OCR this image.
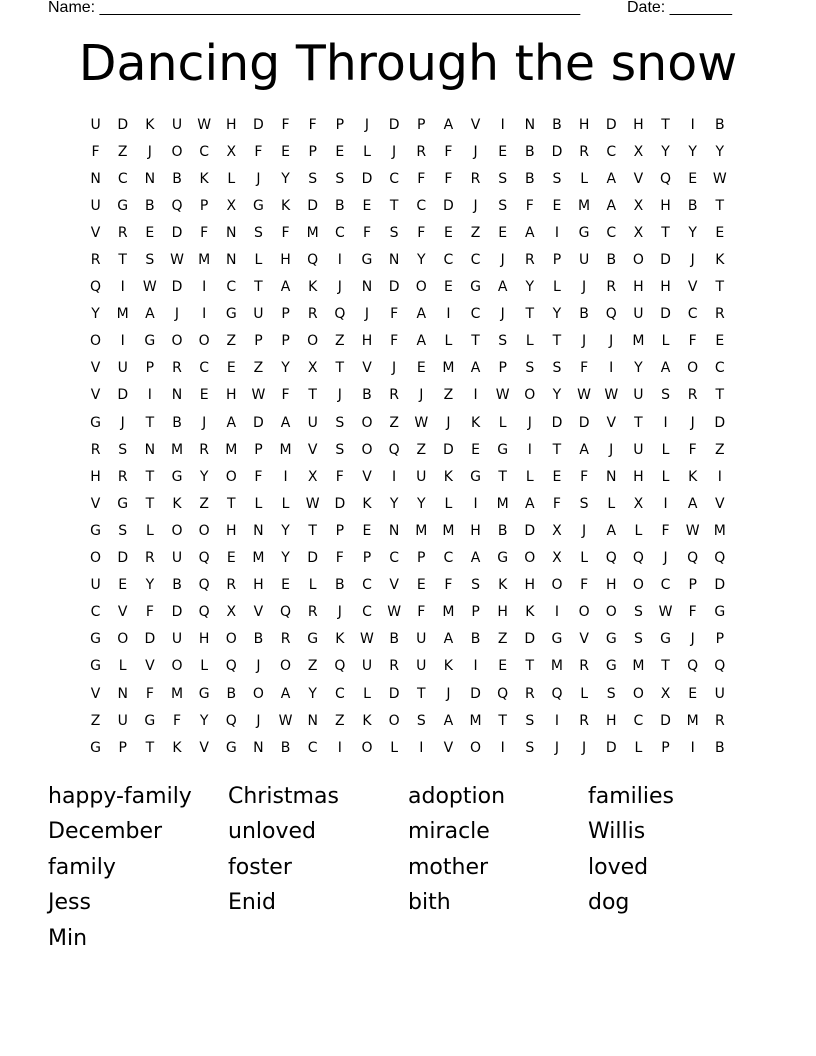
Name: ______________________________________________________	Date: _______
Dancing Through the snow
U	D	K	U	W	H	D	F	F	P	J	D	P	A	V	I	N	B	H	D	H	T	I	B
F	Z	J	O	C	X	F	E	P	E	L	J	R	F	J	E	B	D	R	C	X	Y	Y	Y
N	C	N	B	K	L	J	Y	S	S	D	C	F	F	R	S	B	S	L	A	V	Q	E	W
U	G	B	Q	P	X	G	K	D	B	E	T	C	D	J	S	F	E	M	A	X	H	B	T
V	R	E	D	F	N	S	F	M	C	F	S	F	E	Z	E	A	I	G	C	X	T	Y	E
R	T	S	W	M	N	L	H	Q	I	G	N	Y	C	C	J	R	P	U	B	O	D	J	K
Q	I	W	D	I	C	T	A	K	J	N	D	O	E	G	A	Y	L	J	R	H	H	V	T
Y	M	A	J	I	G	U	P	R	Q	J	F	A	I	C	J	T	Y	B	Q	U	D	C	R
O	I	G	O	O	Z	P	P	O	Z	H	F	A	L	T	S	L	T	J	J	M	L	F	E
V	U	P	R	C	E	Z	Y	X	T	V	J	E	M	A	P	S	S	F	I	Y	A	O	C
V	D	I	N	E	H	W	F	T	J	B	R	J	Z	I	W	O	Y	W W	U	S	R	T
G	J	T	B	J	A	D	A	U	S	O	Z	W	J	K	L	J	D	D	V	T	I	J	D
R	S	N	M	R	M	P	M	V	S	O	Q	Z	D	E	G	I	T	A	J	U	L	F	Z
H	R	T	G	Y	O	F	I	X	F	V	I	U	K	G	T	L	E	F	N	H	L	K	I
V	G	T	K	Z	T	L	L	W	D	K	Y	Y	L	I	M	A	F	S	L	X	I	A	V
G	S	L	O	O	H	N	Y	T	P	E	N	M	M	H	B	D	X	J	A	L	F	W	M
O	D	R	U	Q	E	M	Y	D	F	P	C	P	C	A	G	O	X	L	Q	Q	J	Q	Q
U	E	Y	B	Q	R	H	E	L	B	C	V	E	F	S	K	H	O	F	H	O	C	P	D
C	V	F	D	Q	X	V	Q	R	J	C	W	F	M	P	H	K	I	O	O	S	W	F	G
G	O	D	U	H	O	B	R	G	K	W	B	U	A	B	Z	D	G	V	G	S	G	J	P
G	L	V	O	L	Q	J	O	Z	Q	U	R	U	K	I	E	T	M	R	G	M	T	Q	Q
V	N	F	M	G	B	O	A	Y	C	L	D	T	J	D	Q	R	Q	L	S	O	X	E	U
Z	U	G	F	Y	Q	J	W	N	Z	K	O	S	A	M	T	S	I	R	H	C	D	M	R
G	P	T	K	V	G	N	B	C	I	O	L	I	V	O	I	S	J	J	D	L	P	I	B
happy-family	Christmas	adoption	families
December	unloved	miracle	Willis
family	foster	mother	loved
Jess	Enid	bith	dog
Min
